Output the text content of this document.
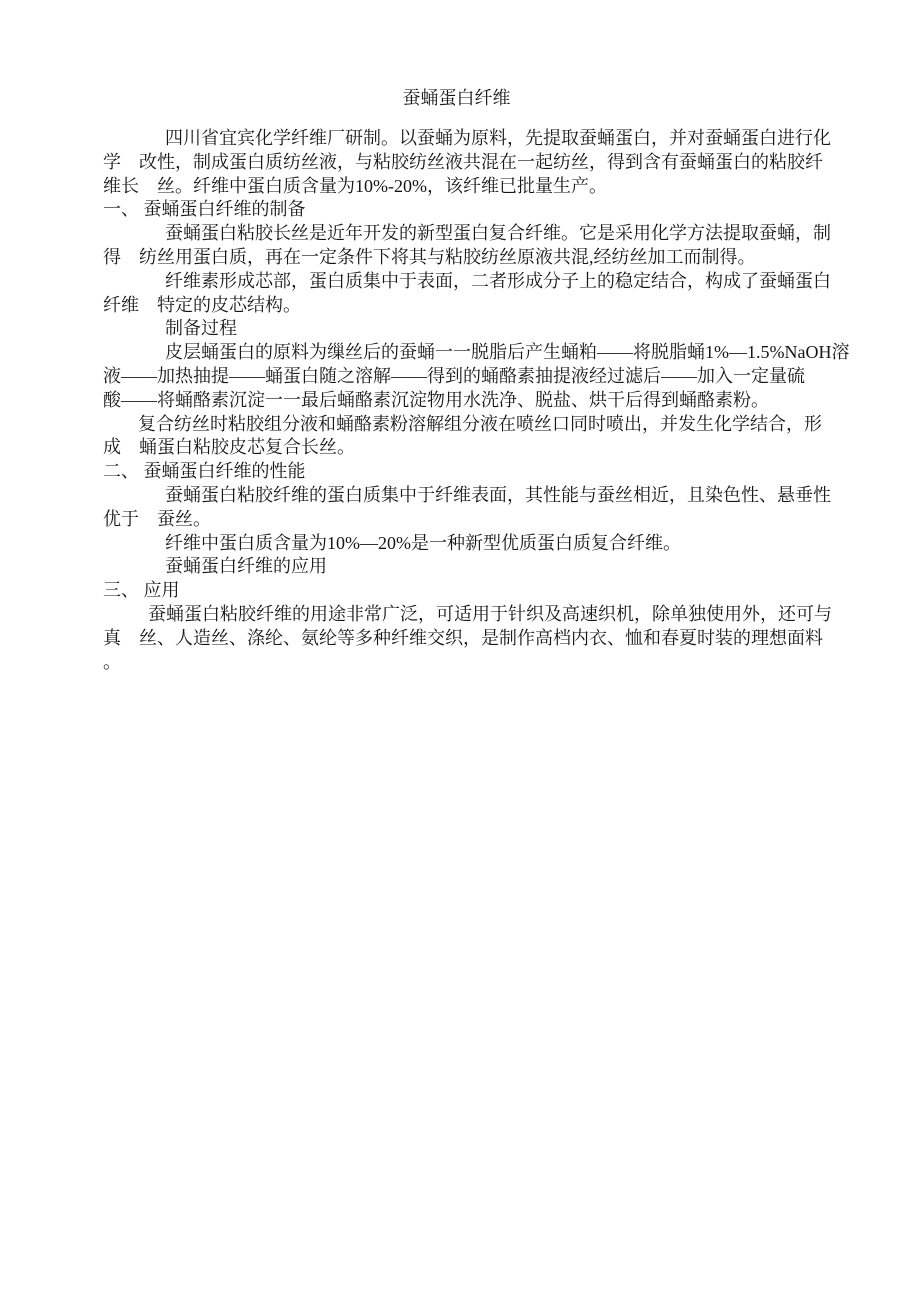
蚕蛹蛋白纤维
四川省宜宾化学纤维厂研制。以蚕蛹为原料，先提取蚕蛹蛋白，并对蚕蛹蛋白进行化
学　改性，制成蛋白质纺丝液，与粘胶纺丝液共混在一起纺丝，得到含有蚕蛹蛋白的粘胶纤
维长　丝。纤维中蛋白质含量为10%-20%，该纤维已批量生产。
一、 蚕蛹蛋白纤维的制备
蚕蛹蛋白粘胶长丝是近年开发的新型蛋白复合纤维。它是采用化学方法提取蚕蛹，制
得　纺丝用蛋白质，再在一定条件下将其与粘胶纺丝原液共混,经纺丝加工而制得。
纤维素形成芯部，蛋白质集中于表面，二者形成分子上的稳定结合，构成了蚕蛹蛋白
纤维　特定的皮芯结构。
制备过程
皮层蛹蛋白的原料为缫丝后的蚕蛹一一脱脂后产生蛹粕——将脱脂蛹1%—1.5%NaOH溶
液——加热抽提——蛹蛋白随之溶解——得到的蛹酪素抽提液经过滤后——加入一定量硫
酸——将蛹酪素沉淀一一最后蛹酪素沉淀物用水洗净、脱盐、烘干后得到蛹酪素粉。
复合纺丝时粘胶组分液和蛹酪素粉溶解组分液在喷丝口同时喷出，并发生化学结合，形
成　蛹蛋白粘胶皮芯复合长丝。
二、 蚕蛹蛋白纤维的性能
蚕蛹蛋白粘胶纤维的蛋白质集中于纤维表面，其性能与蚕丝相近，且染色性、悬垂性
优于　蚕丝。
纤维中蛋白质含量为10%—20%是一种新型优质蛋白质复合纤维。
蚕蛹蛋白纤维的应用
三、 应用
蚕蛹蛋白粘胶纤维的用途非常广泛，可适用于针织及高速织机，除单独使用外，还可与
真　丝、人造丝、涤纶、氨纶等多种纤维交织，是制作高档内衣、恤和春夏时装的理想面料
。
